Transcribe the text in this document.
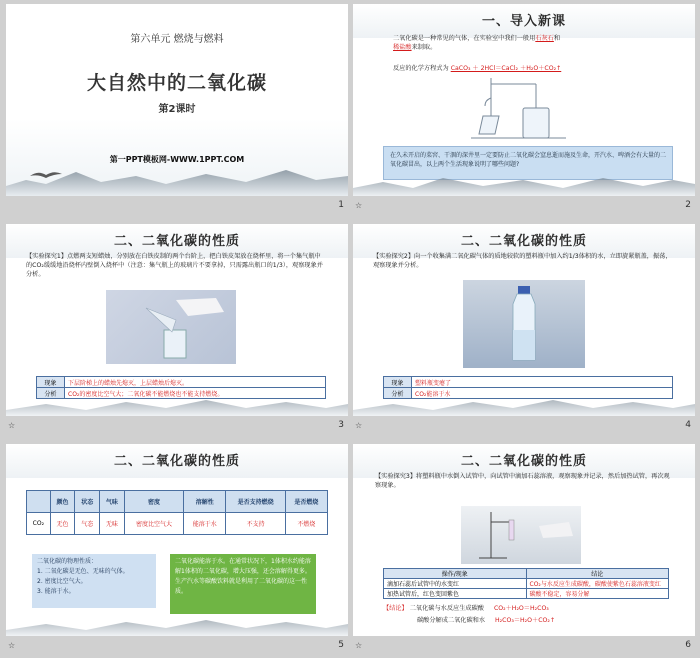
第六单元 燃烧与燃料
大自然中的二氧化碳
第2课时
第一PPT模板网-WWW.1PPT.COM
1
一、导入新课
二氧化碳是一种常见的气体，在实验室中我们一般用石灰石和
稀盐酸来制取。
反应的化学方程式为 CaCO₃ ＋ 2HCl＝CaCl₂ ＋H₂O＋CO₂↑
在久未开启的菜窖、干涸的深井里一定要防止二氧化碳会窒息逝而施及生命，开汽水、啤酒会有大量的二氧化碳冒出，以上两个生活现象说明了哪些问题?
☆	2
二、二氧化碳的性质
【实验探究1】点燃两支短蜡烛，分别放在白铁皮制的两个台阶上，把白铁皮架放在烧杯里，将一个集气瓶中的CO₂缓缓地沿烧杯内壁倒入烧杯中（注意：集气瓶上的玻璃片不要拿掉，只需露出瓶口的1/3），观察现象并分析。
现象	下层阶梯上的蜡烛先熄灭，上层蜡烛后熄灭。
分析	CO₂的密度比空气大；二氧化碳不能燃烧也不能支持燃烧。
☆	3
二、二氧化碳的性质
【实验探究2】向一个收集满二氧化碳气体的质地较软的塑料瓶中加入约1/3体积的水，立即旋紧瓶盖，振荡，观察现象并分析。
现象	塑料瓶变瘪了
分析	CO₂能溶于水
☆	4
二、二氧化碳的性质
	颜色	状态	气味	密度	溶解性	是否支持燃烧	是否燃烧
CO₂	无色	气态	无味	密度比空气大	能溶于水	不支持	不燃烧
二氧化碳的物理性质：
1. 二氧化碳是无色、无味的气体。
2. 密度比空气大。
3. 能溶于水。
二氧化碳能溶于水。在通常状况下，1体积水约能溶解1体积的二氧化碳，增大压强，还会溶解得更多。生产汽水等碳酸饮料就是利用了二氧化碳的这一性质。
☆	5
二、二氧化碳的性质
【实验探究3】将塑料瓶中水倒入试管中，向试管中滴加石蕊溶液，观察现象并记录，然后加热试管，再次观察现象。
操作/现象	结论
滴加石蕊后试管中的水变红	CO₂与水反应生成碳酸，碳酸使紫色石蕊溶液变红
加热试管后，红色变回紫色	碳酸不稳定，容易分解
【结论】 二氧化碳与水反应生成碳酸 CO₂＋H₂O＝H₂CO₃
碳酸分解成二氧化碳和水 H₂CO₃＝H₂O＋CO₂↑
☆	6
